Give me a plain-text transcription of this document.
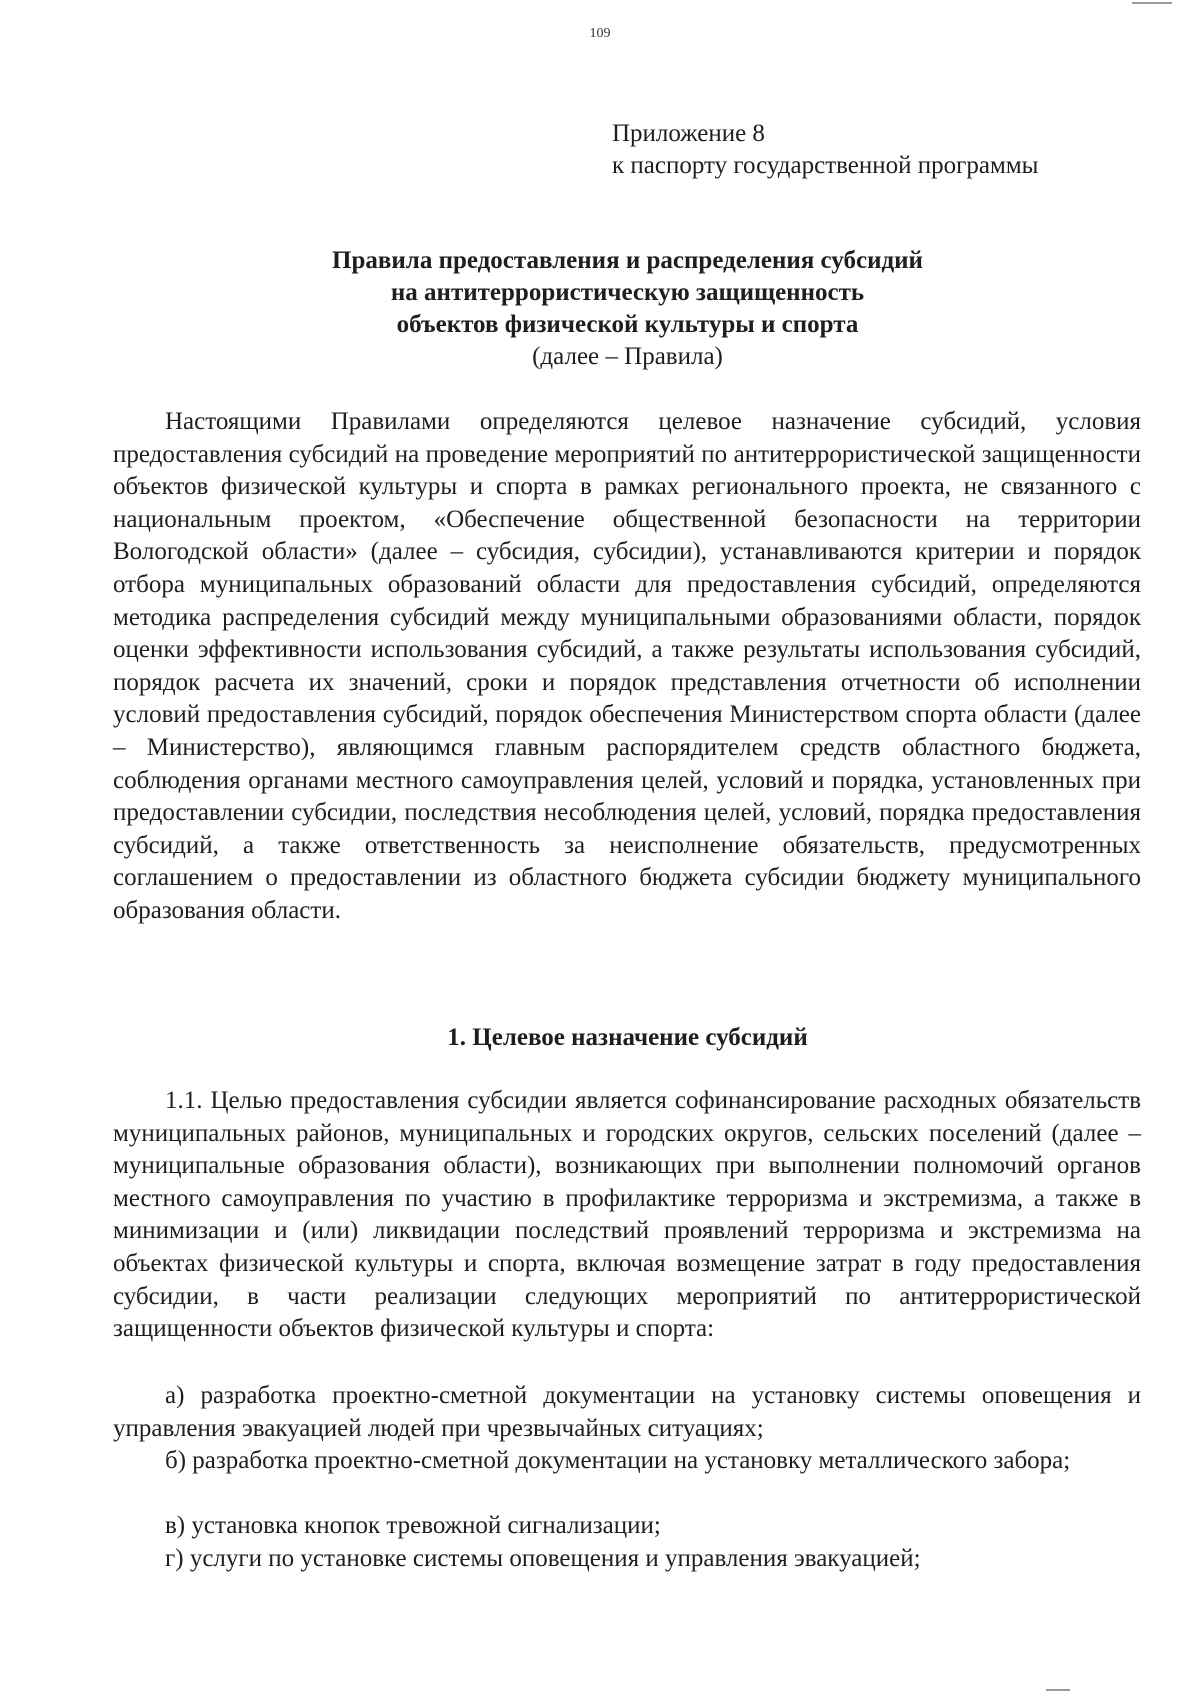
109
Приложение 8
к паспорту государственной программы
Правила предоставления и распределения субсидий
на антитеррористическую защищенность
объектов физической культуры и спорта
(далее – Правила)

Настоящими Правилами определяются целевое назначение субсидий, условия предоставления субсидий на проведение мероприятий по антитеррористической защищенности объектов физической культуры и спорта в рамках регионального проекта, не связанного с национальным проектом, «Обеспечение общественной безопасности на территории Вологодской области» (далее – субсидия, субсидии), устанавливаются критерии и порядок отбора муниципальных образований области для предоставления субсидий, определяются методика распределения субсидий между муниципальными образованиями области, порядок оценки эффективности использования субсидий, а также результаты использования субсидий, порядок расчета их значений, сроки и порядок представления отчетности об исполнении условий предоставления субсидий, порядок обеспечения Министерством спорта области (далее – Министерство), являющимся главным распорядителем средств областного бюджета, соблюдения органами местного самоуправления целей, условий и порядка, установленных при предоставлении субсидии, последствия несоблюдения целей, условий, порядка предоставления субсидий, а также ответственность за неисполнение обязательств, предусмотренных соглашением о предоставлении из областного бюджета субсидии бюджету муниципального образования области.

1. Целевое назначение субсидий

1.1. Целью предоставления субсидии является софинансирование расходных обязательств муниципальных районов, муниципальных и городских округов, сельских поселений (далее – муниципальные образования области), возникающих при выполнении полномочий органов местного самоуправления по участию в профилактике терроризма и экстремизма, а также в минимизации и (или) ликвидации последствий проявлений терроризма и экстремизма на объектах физической культуры и спорта, включая возмещение затрат в году предоставления субсидии, в части реализации следующих мероприятий по антитеррористической защищенности объектов физической культуры и спорта:

а) разработка проектно-сметной документации на установку системы оповещения и управления эвакуацией людей при чрезвычайных ситуациях;

б) разработка проектно-сметной документации на установку металлического забора;

в) установка кнопок тревожной сигнализации;

г) услуги по установке системы оповещения и управления эвакуацией;
